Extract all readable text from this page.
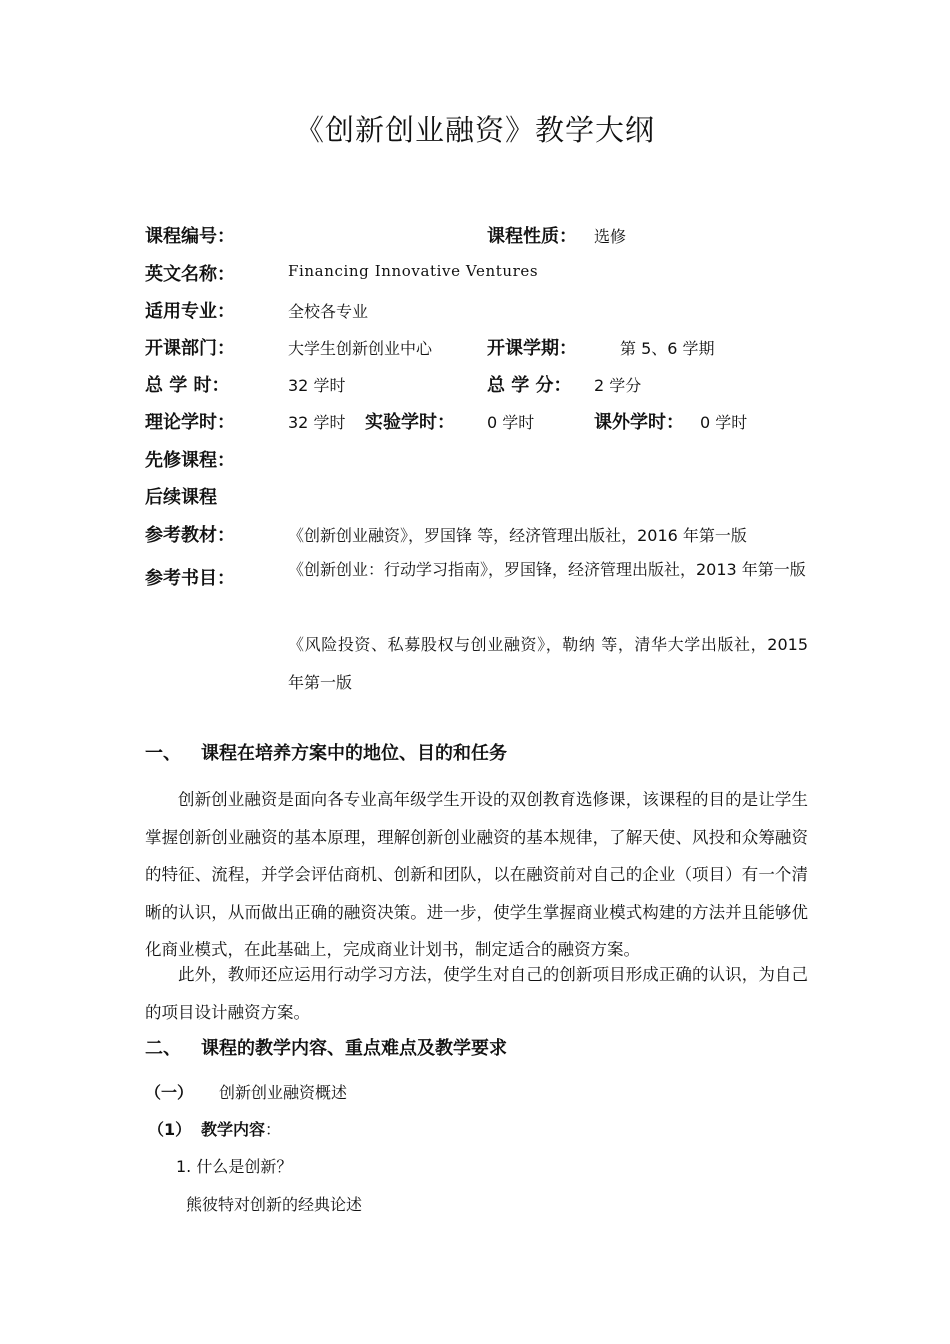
《创新创业融资》教学大纲
课程编号：	课程性质： 选修
英文名称：	Financing Innovative Ventures
适用专业：	全校各专业
开课部门：	大学生创新创业中心	开课学期：	第 5、6 学期
总 学 时：	32 学时	总 学 分： 2 学分
理论学时：	32 学时 实验学时： 0 学时	课外学时： 0 学时
先修课程：
后续课程
参考教材：	《创新创业融资》，罗国锋 等，经济管理出版社，2016 年第一版
参考书目：	《创新创业：行动学习指南》，罗国锋，经济管理出版社，2013 年第一版
《风险投资、私募股权与创业融资》，勒纳 等，清华大学出版社，2015 年第一版
一、 课程在培养方案中的地位、目的和任务

创新创业融资是面向各专业高年级学生开设的双创教育选修课，该课程的目的是让学生掌握创新创业融资的基本原理，理解创新创业融资的基本规律，了解天使、风投和众筹融资的特征、流程，并学会评估商机、创新和团队，以在融资前对自己的企业（项目）有一个清晰的认识，从而做出正确的融资决策。进一步，使学生掌握商业模式构建的方法并且能够优化商业模式，在此基础上，完成商业计划书，制定适合的融资方案。

此外，教师还应运用行动学习方法，使学生对自己的创新项目形成正确的认识，为自己的项目设计融资方案。

二、 课程的教学内容、重点难点及教学要求
（一） 创新创业融资概述
（1） 教学内容：
1. 什么是创新？
熊彼特对创新的经典论述
